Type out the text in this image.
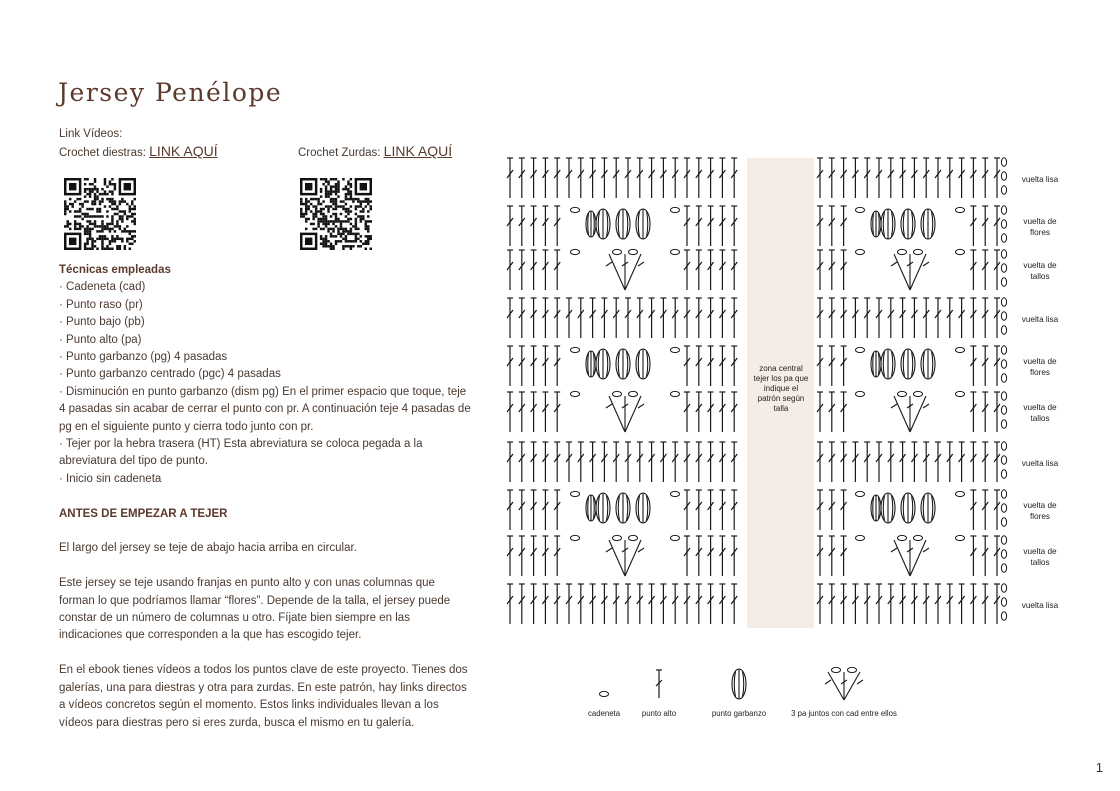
Jersey Penélope
Link Vídeos:
Crochet diestras: LINK AQUÍ	Crochet Zurdas: LINK AQUÍ

Técnicas empleadas

· Cadeneta (cad)

· Punto raso (pr)

· Punto bajo (pb)

· Punto alto (pa)

· Punto garbanzo (pg) 4 pasadas

· Punto garbanzo centrado (pgc) 4 pasadas

· Disminución en punto garbanzo (dism pg) En el primer espacio que toque, teje 4 pasadas sin acabar de cerrar el punto con pr. A continuación teje 4 pasadas de pg en el siguiente punto y cierra todo junto con pr.

· Tejer por la hebra trasera (HT) Esta abreviatura se coloca pegada a la abreviatura del tipo de punto.

· Inicio sin cadeneta

ANTES DE EMPEZAR A TEJER

El largo del jersey se teje de abajo hacia arriba en circular.

Este jersey se teje usando franjas en punto alto y con unas columnas que forman lo que podríamos llamar “flores”. Depende de la talla, el jersey puede constar de un número de columnas u otro. Fíjate bien siempre en las indicaciones que corresponden a la que has escogido tejer.

En el ebook tienes vídeos a todos los puntos clave de este proyecto. Tienes dos galerías, una para diestras y otra para zurdas. En este patrón, hay links directos a vídeos concretos según el momento. Estos links individuales llevan a los vídeos para diestras pero si eres zurda, busca el mismo en tu galería.

zona central
tejer los pa que
indique el
patrón según
talla
vuelta lisa
vuelta de
flores
vuelta de
tallos
vuelta lisa
vuelta de
flores
vuelta de
tallos
vuelta lisa
vuelta de
flores
vuelta de
tallos
vuelta lisa
cadeneta	punto alto	punto garbanzo	3 pa juntos con cad entre ellos
1
